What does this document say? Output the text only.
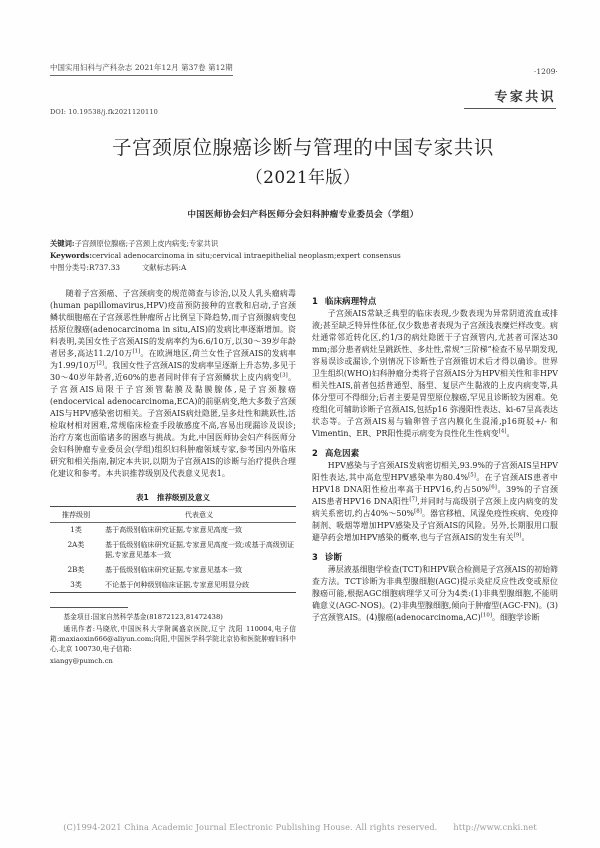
中国实用妇科与产科杂志 2021年12月 第37卷 第12期	·1209·
专家共识
DOI: 10.19538/j.fk2021120110
子宫颈原位腺癌诊断与管理的中国专家共识
（2021年版）
中国医师协会妇产科医师分会妇科肿瘤专业委员会（学组）
关键词:子宫颈原位腺癌;子宫颈上皮内病变;专家共识
Keywords:cervical adenocarcinoma in situ;cervical intraepithelial neoplasm;expert consensus
中图分类号:R737.33	文献标志码:A
随着子宫颈癌、子宫颈病变的规范筛查与诊治,以及人乳头瘤病毒(human papillomavirus,HPV)疫苗预防接种的宣教和启动,子宫颈鳞状细胞癌在子宫颈恶性肿瘤所占比例呈下降趋势,而子宫颈腺病变包括原位腺癌(adenocarcinoma in situ,AIS)的发病比率逐渐增加。资料表明,美国女性子宫颈AIS的发病率约为6.6/10万,以30～39岁年龄者居多,高达11.2/10万[1]。在欧洲地区,荷兰女性子宫颈AIS的发病率为1.99/10万[2]。我国女性子宫颈AIS的发病率呈逐渐上升态势,多见于30～40岁年龄者,近60%的患者同时伴有子宫颈鳞状上皮内病变[3]。子宫颈AIS局限于子宫颈管黏膜及黏膜腺体,是子宫颈腺癌(endocervical adenocarcinoma,ECA)的前驱病变,绝大多数子宫颈AIS与HPV感染密切相关。子宫颈AIS病灶隐匿,呈多灶性和跳跃性,活检取材相对困难,常规临床检查手段敏感度不高,容易出现漏诊及误诊;治疗方案也面临诸多的困惑与挑战。为此,中国医师协会妇产科医师分会妇科肿瘤专业委员会(学组)组织妇科肿瘤领域专家,参考国内外临床研究和相关指南,制定本共识,以期为子宫颈AIS的诊断与治疗提供合理化建议和参考。本共识推荐级别及代表意义见表1。
表1 推荐级别及意义
推荐级别	代表意义
1类	基于高级别临床研究证据,专家意见高度一致
2A类	基于低级别临床研究证据,专家意见高度一致;或基于高级别证据,专家意见基本一致
2B类	基于低级别临床研究证据,专家意见基本一致
3类	不论基于何种级别临床证据,专家意见明显分歧

基金项目:国家自然科学基金(81872123,81472438)

通讯作者:马晓欣,中国医科大学附属盛京医院,辽宁 沈阳 110004,电子信箱:maxiaoxin666@aliyun.com;向阳,中国医学科学院北京协和医院肿瘤妇科中心,北京 100730,电子信箱:

xiangy@pumch.cn

1 临床病理特点
子宫颈AIS常缺乏典型的临床表现,少数表现为异常阴道流血或排液;甚至缺乏特异性体征,仅少数患者表现为子宫颈浅表糜烂样改变。病灶通常邻近转化区,约1/3的病灶隐匿于子宫颈管内,尤甚者可深达30 mm;部分患者病灶呈跳跃性、多灶性,常规“三阶梯”检查不易早期发现,容易误诊或漏诊,个别情况下诊断性子宫颈锥切术后才得以确诊。世界卫生组织(WHO)妇科肿瘤分类将子宫颈AIS分为HPV相关性和非HPV相关性AIS,前者包括普通型、肠型、复层产生黏液的上皮内病变等,具体分型可不得细分;后者主要是胃型原位腺癌,罕见且诊断较为困难。免疫组化可辅助诊断子宫颈AIS,包括p16 弥漫阳性表达、ki-67呈高表达状态等。子宫颈AIS易与输卵管子宫内膜化生混淆,p16斑驳+/- 和Vimentin、ER、PR阳性提示病变为良性化生性病变[4]。
2 高危因素
HPV感染与子宫颈AIS发病密切相关,93.9%的子宫颈AIS呈HPV阳性表达,其中高危型HPV感染率为80.4%[5]。在子宫颈AIS患者中HPV18 DNA阳性检出率高于HPV16,约占50%[6]。39%的子宫颈AIS患者HPV16 DNA阳性[7],并同时与高级别子宫颈上皮内病变的发病关系密切,约占40%～50%[8]。器官移植、风湿免疫性疾病、免疫抑制剂、吸烟等增加HPV感染及子宫颈AIS的风险。另外,长期服用口服避孕药会增加HPV感染的概率,也与子宫颈AIS的发生有关[9]。
3 诊断
薄层液基细胞学检查(TCT)和HPV联合检测是子宫颈AIS的初始筛查方法。TCT诊断为非典型腺细胞(AGC)提示炎症反应性改变或原位腺癌可能,根据AGC细胞病理学又可分为4类:(1)非典型腺细胞,不能明确意义(AGC-NOS)。(2)非典型腺细胞,倾向于肿瘤型(AGC-FN)。(3)子宫颈管AIS。(4)腺癌(adenocarcinoma,AC)[10]。细胞学诊断
(C)1994-2021 China Academic Journal Electronic Publishing House. All rights reserved. http://www.cnki.net
